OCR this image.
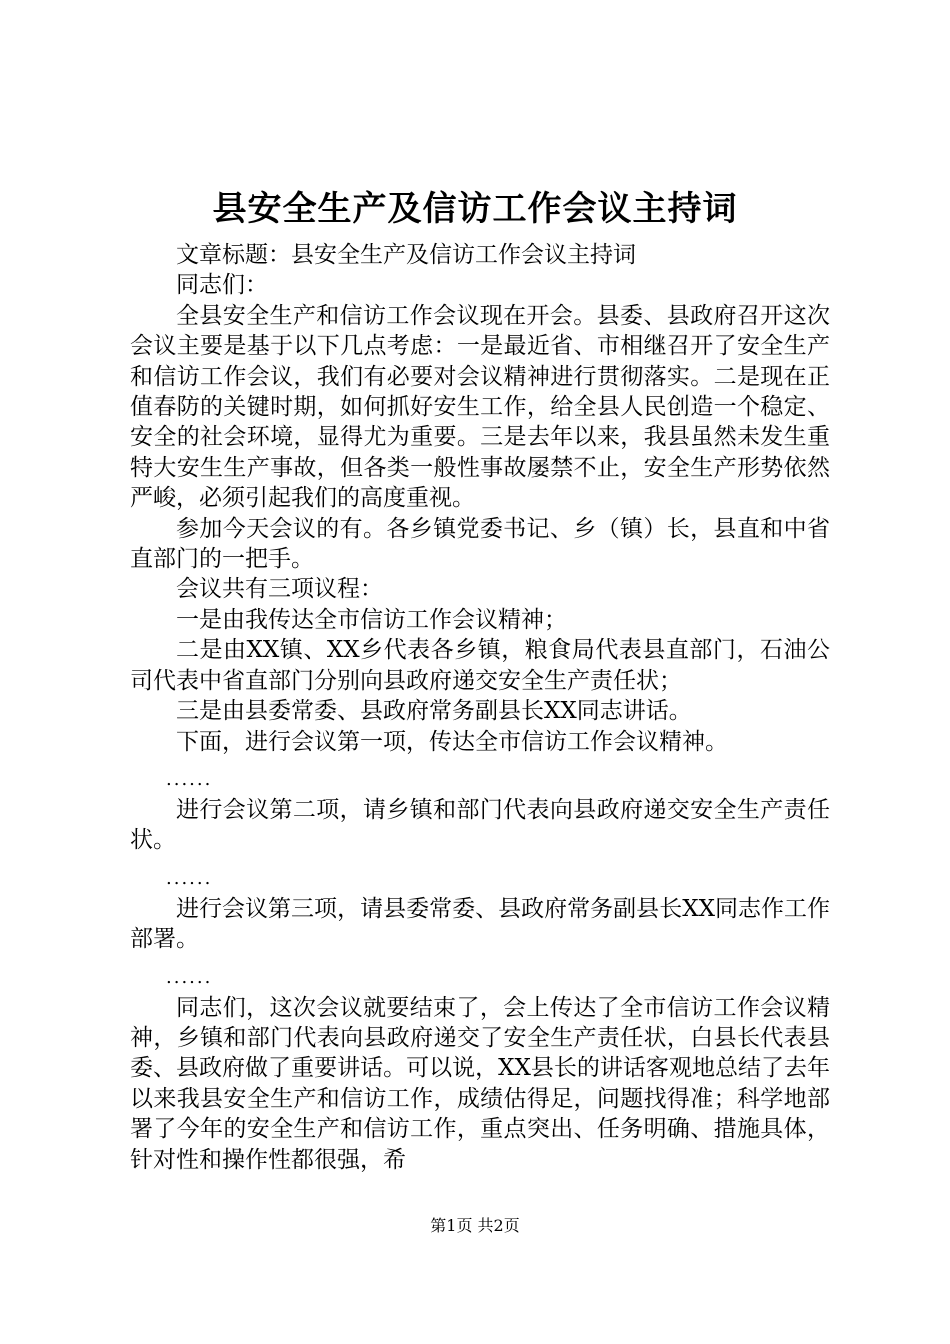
县安全生产及信访工作会议主持词

文章标题：县安全生产及信访工作会议主持词

同志们：

全县安全生产和信访工作会议现在开会。县委、县政府召开这次会议主要是基于以下几点考虑：一是最近省、市相继召开了安全生产和信访工作会议，我们有必要对会议精神进行贯彻落实。二是现在正值春防的关键时期，如何抓好安生工作，给全县人民创造一个稳定、安全的社会环境，显得尤为重要。三是去年以来，我县虽然未发生重特大安生生产事故，但各类一般性事故屡禁不止，安全生产形势依然严峻，必须引起我们的高度重视。

参加今天会议的有。各乡镇党委书记、乡（镇）长，县直和中省直部门的一把手。

会议共有三项议程：

一是由我传达全市信访工作会议精神；

二是由XX镇、XX乡代表各乡镇，粮食局代表县直部门，石油公司代表中省直部门分别向县政府递交安全生产责任状；

三是由县委常委、县政府常务副县长XX同志讲话。

下面，进行会议第一项，传达全市信访工作会议精神。

......

进行会议第二项，请乡镇和部门代表向县政府递交安全生产责任状。

......

进行会议第三项，请县委常委、县政府常务副县长XX同志作工作部署。

......

同志们，这次会议就要结束了，会上传达了全市信访工作会议精神，乡镇和部门代表向县政府递交了安全生产责任状，白县长代表县委、县政府做了重要讲话。可以说，XX县长的讲话客观地总结了去年以来我县安全生产和信访工作，成绩估得足，问题找得准；科学地部署了今年的安全生产和信访工作，重点突出、任务明确、措施具体，针对性和操作性都很强，希

第1页 共2页
